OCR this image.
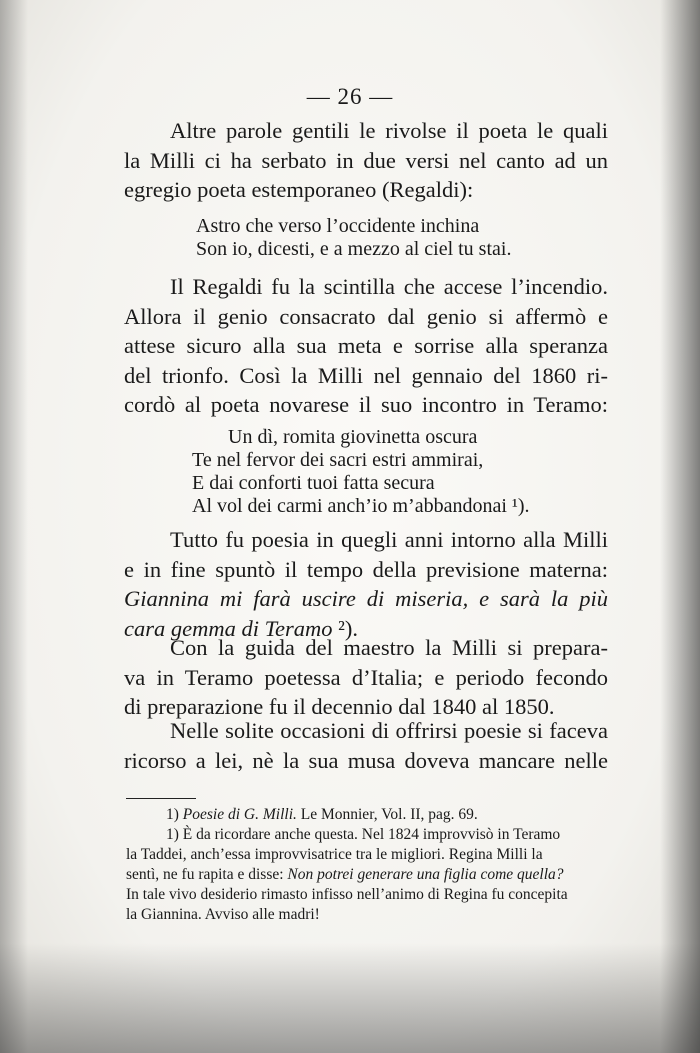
— 26 —
Altre parole gentili le rivolse il poeta le quali
la Milli ci ha serbato in due versi nel canto ad un
egregio poeta estemporaneo (Regaldi):
Astro che verso l’occidente inchina
Son io, dicesti, e a mezzo al ciel tu stai.
Il Regaldi fu la scintilla che accese l’incendio.
Allora il genio consacrato dal genio si affermò e
attese sicuro alla sua meta e sorrise alla speranza
del trionfo. Così la Milli nel gennaio del 1860 ri-
cordò al poeta novarese il suo incontro in Teramo:
Un dì, romita giovinetta oscura
Te nel fervor dei sacri estri ammirai,
E dai conforti tuoi fatta secura
Al vol dei carmi anch’io m’abbandonai ¹).
Tutto fu poesia in quegli anni intorno alla Milli
e in fine spuntò il tempo della previsione materna:
Giannina mi farà uscire di miseria, e sarà la più
cara gemma di Teramo ²).
Con la guida del maestro la Milli si prepara-
va in Teramo poetessa d’Italia; e periodo fecondo
di preparazione fu il decennio dal 1840 al 1850.
Nelle solite occasioni di offrirsi poesie si faceva
ricorso a lei, nè la sua musa doveva mancare nelle
1) Poesie di G. Milli. Le Monnier, Vol. II, pag. 69.
1) È da ricordare anche questa. Nel 1824 improvvisò in Teramo
la Taddei, anch’essa improvvisatrice tra le migliori. Regina Milli la
sentì, ne fu rapita e disse: Non potrei generare una figlia come quella?
In tale vivo desiderio rimasto infisso nell’animo di Regina fu concepita
la Giannina. Avviso alle madri!
